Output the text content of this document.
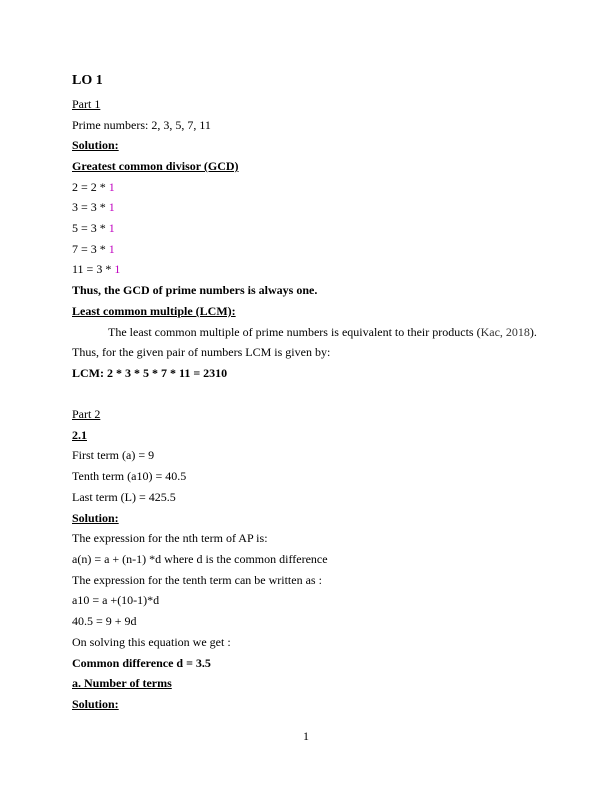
LO 1
Part 1
Prime numbers: 2, 3, 5, 7, 11
Solution:
Greatest common divisor (GCD)
2 = 2 * 1
3 = 3 * 1
5 = 3 * 1
7 = 3 * 1
11 = 3 * 1
Thus, the GCD of prime numbers is always one.
Least common multiple (LCM):
The least common multiple of prime numbers is equivalent to their products (Kac, 2018).
Thus, for the given pair of numbers LCM is given by:
LCM: 2 * 3 * 5 * 7 * 11 = 2310
Part 2
2.1
First term (a) = 9
Tenth term (a10) = 40.5
Last term (L) = 425.5
Solution:
The expression for the nth term of AP is:
a(n) = a + (n-1) *d where d is the common difference
The expression for the tenth term can be written as :
a10 = a +(10-1)*d
40.5 = 9 + 9d
On solving this equation we get :
Common difference d = 3.5
a. Number of terms
Solution:
1
